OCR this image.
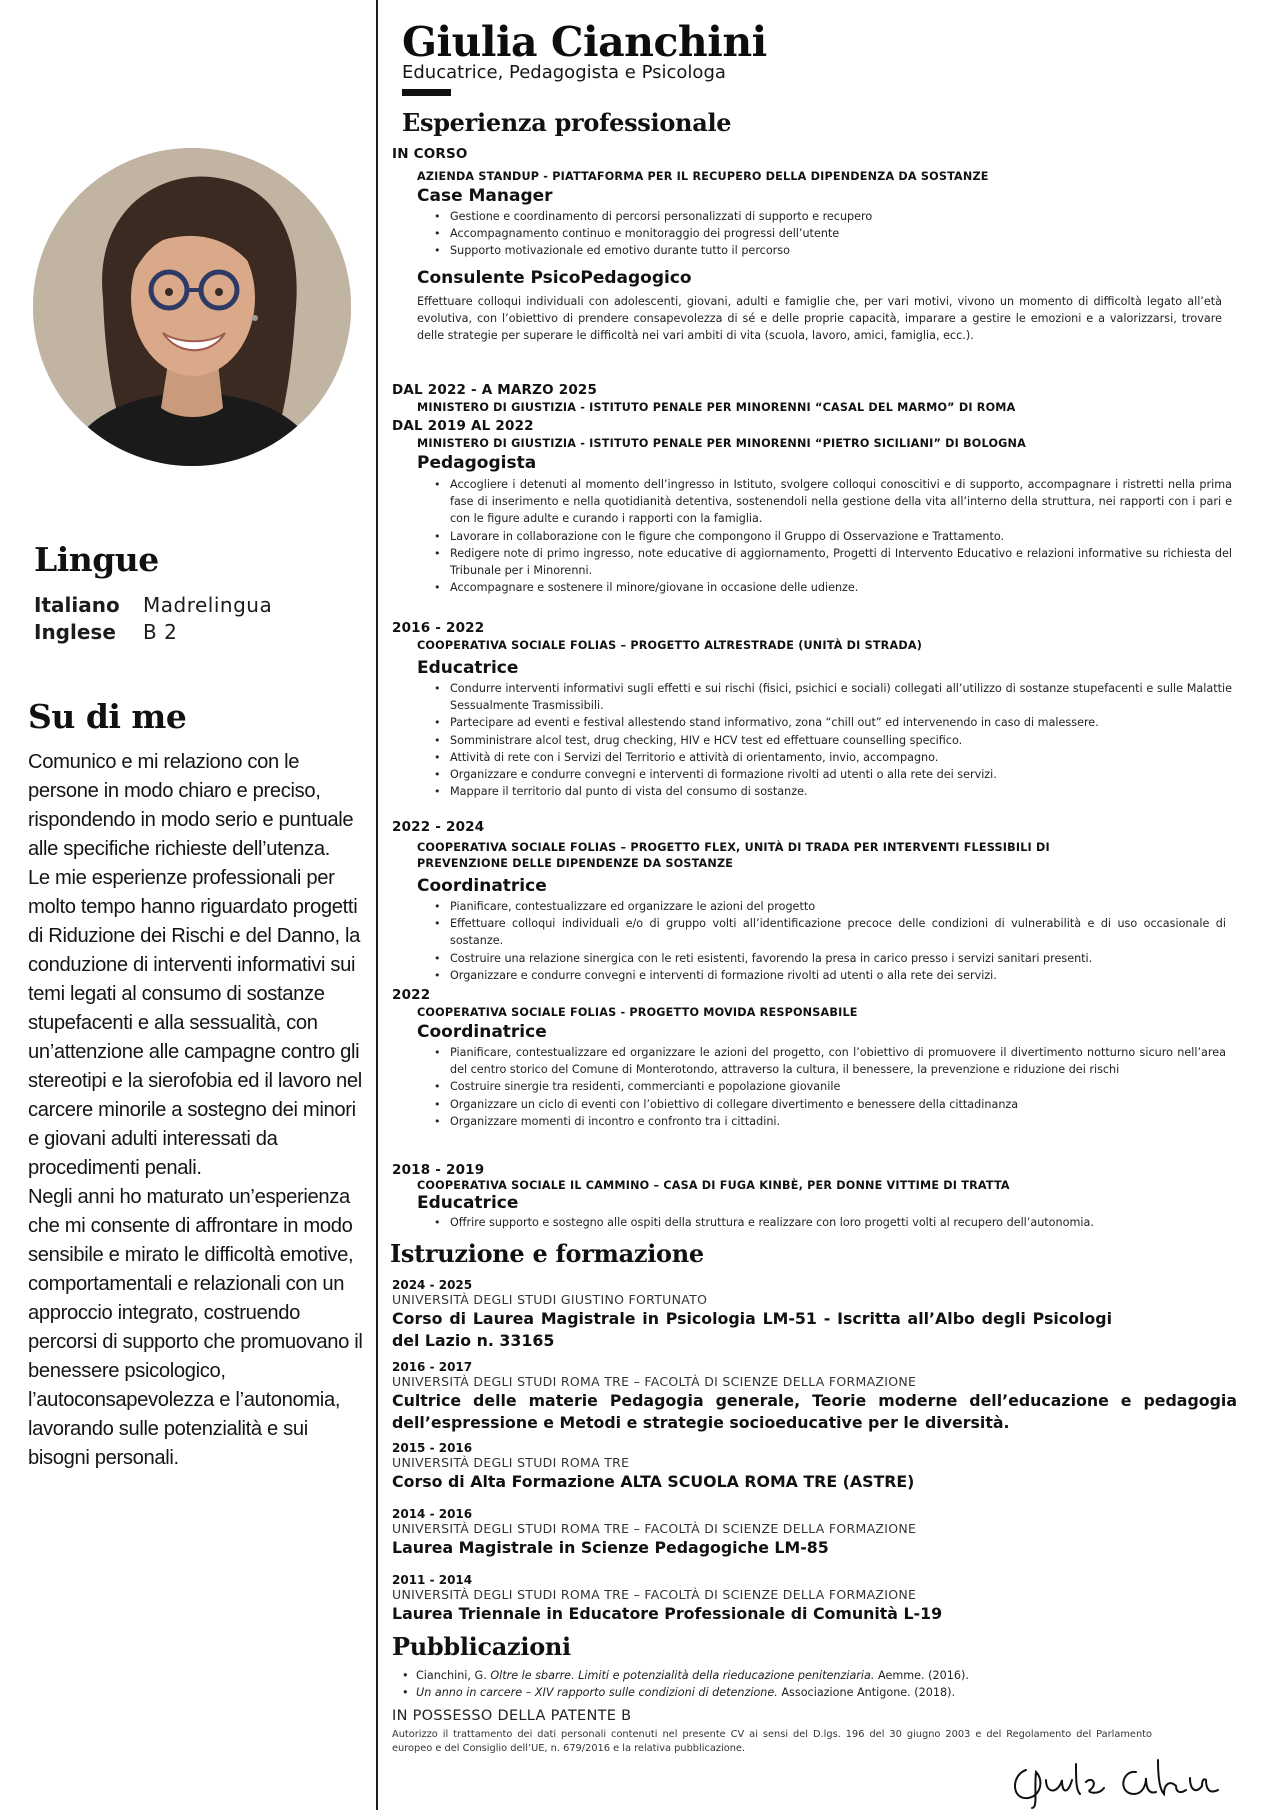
Lingue
Italiano	Madrelingua
Inglese	B 2
Su di me

Comunico e mi relaziono con le persone in modo chiaro e preciso, rispondendo in modo serio e puntuale alle specifiche richieste dell’utenza.

Le mie esperienze professionali per molto tempo hanno riguardato progetti di Riduzione dei Rischi e del Danno, la conduzione di interventi informativi sui temi legati al consumo di sostanze stupefacenti e alla sessualità, con un’attenzione alle campagne contro gli stereotipi e la sierofobia ed il lavoro nel carcere minorile a sostegno dei minori e giovani adulti interessati da procedimenti penali.

Negli anni ho maturato un’esperienza che mi consente di affrontare in modo sensibile e mirato le difficoltà emotive, comportamentali e relazionali con un approccio integrato, costruendo percorsi di supporto che promuovano il benessere psicologico, l’autoconsapevolezza e l’autonomia, lavorando sulle potenzialità e sui bisogni personali.

Giulia Cianchini
Educatrice, Pedagogista e Psicologa
Esperienza professionale
IN CORSO
AZIENDA STANDUP - PIATTAFORMA PER IL RECUPERO DELLA DIPENDENZA DA SOSTANZE
Case Manager
• Gestione e coordinamento di percorsi personalizzati di supporto e recupero
• Accompagnamento continuo e monitoraggio dei progressi dell’utente
• Supporto motivazionale ed emotivo durante tutto il percorso
Consulente PsicoPedagogico
Effettuare colloqui individuali con adolescenti, giovani, adulti e famiglie che, per vari motivi, vivono un momento di difficoltà legato all’età evolutiva, con l’obiettivo di prendere consapevolezza di sé e delle proprie capacità, imparare a gestire le emozioni e a valorizzarsi, trovare delle strategie per superare le difficoltà nei vari ambiti di vita (scuola, lavoro, amici, famiglia, ecc.).
DAL 2022 - A MARZO 2025
MINISTERO DI GIUSTIZIA - ISTITUTO PENALE PER MINORENNI “CASAL DEL MARMO” DI ROMA
DAL 2019 AL 2022
MINISTERO DI GIUSTIZIA - ISTITUTO PENALE PER MINORENNI “PIETRO SICILIANI” DI BOLOGNA
Pedagogista
• Accogliere i detenuti al momento dell’ingresso in Istituto, svolgere colloqui conoscitivi e di supporto, accompagnare i ristretti nella prima fase di inserimento e nella quotidianità detentiva, sostenendoli nella gestione della vita all’interno della struttura, nei rapporti con i pari e con le figure adulte e curando i rapporti con la famiglia.
• Lavorare in collaborazione con le figure che compongono il Gruppo di Osservazione e Trattamento.
• Redigere note di primo ingresso, note educative di aggiornamento, Progetti di Intervento Educativo e relazioni informative su richiesta del Tribunale per i Minorenni.
• Accompagnare e sostenere il minore/giovane in occasione delle udienze.
2016 - 2022
COOPERATIVA SOCIALE FOLIAS – PROGETTO ALTRESTRADE (UNITÀ DI STRADA)
Educatrice
• Condurre interventi informativi sugli effetti e sui rischi (fisici, psichici e sociali) collegati all’utilizzo di sostanze stupefacenti e sulle Malattie Sessualmente Trasmissibili.
• Partecipare ad eventi e festival allestendo stand informativo, zona “chill out” ed intervenendo in caso di malessere.
• Somministrare alcol test, drug checking, HIV e HCV test ed effettuare counselling specifico.
• Attività di rete con i Servizi del Territorio e attività di orientamento, invio, accompagno.
• Organizzare e condurre convegni e interventi di formazione rivolti ad utenti o alla rete dei servizi.
• Mappare il territorio dal punto di vista del consumo di sostanze.
2022 - 2024
COOPERATIVA SOCIALE FOLIAS – PROGETTO FLEX, UNITÀ DI TRADA PER INTERVENTI FLESSIBILI DI PREVENZIONE DELLE DIPENDENZE DA SOSTANZE
Coordinatrice
• Pianificare, contestualizzare ed organizzare le azioni del progetto
• Effettuare colloqui individuali e/o di gruppo volti all’identificazione precoce delle condizioni di vulnerabilità e di uso occasionale di sostanze.
• Costruire una relazione sinergica con le reti esistenti, favorendo la presa in carico presso i servizi sanitari presenti.
• Organizzare e condurre convegni e interventi di formazione rivolti ad utenti o alla rete dei servizi.
2022
COOPERATIVA SOCIALE FOLIAS - PROGETTO MOVIDA RESPONSABILE
Coordinatrice
• Pianificare, contestualizzare ed organizzare le azioni del progetto, con l’obiettivo di promuovere il divertimento notturno sicuro nell’area del centro storico del Comune di Monterotondo, attraverso la cultura, il benessere, la prevenzione e riduzione dei rischi
• Costruire sinergie tra residenti, commercianti e popolazione giovanile
• Organizzare un ciclo di eventi con l’obiettivo di collegare divertimento e benessere della cittadinanza
• Organizzare momenti di incontro e confronto tra i cittadini.
2018 - 2019
COOPERATIVA SOCIALE IL CAMMINO – CASA DI FUGA KINBÈ, PER DONNE VITTIME DI TRATTA
Educatrice
• Offrire supporto e sostegno alle ospiti della struttura e realizzare con loro progetti volti al recupero dell’autonomia.
Istruzione e formazione
2024 - 2025
UNIVERSITÀ DEGLI STUDI GIUSTINO FORTUNATO
Corso di Laurea Magistrale in Psicologia LM-51 - Iscritta all’Albo degli Psicologi del Lazio n. 33165
2016 - 2017
UNIVERSITÀ DEGLI STUDI ROMA TRE – FACOLTÀ DI SCIENZE DELLA FORMAZIONE
Cultrice delle materie Pedagogia generale, Teorie moderne dell’educazione e pedagogia dell’espressione e Metodi e strategie socioeducative per le diversità.
2015 - 2016
UNIVERSITÀ DEGLI STUDI ROMA TRE
Corso di Alta Formazione ALTA SCUOLA ROMA TRE (ASTRE)
2014 - 2016
UNIVERSITÀ DEGLI STUDI ROMA TRE – FACOLTÀ DI SCIENZE DELLA FORMAZIONE
Laurea Magistrale in Scienze Pedagogiche LM-85
2011 - 2014
UNIVERSITÀ DEGLI STUDI ROMA TRE – FACOLTÀ DI SCIENZE DELLA FORMAZIONE
Laurea Triennale in Educatore Professionale di Comunità L-19
Pubblicazioni
• Cianchini, G. Oltre le sbarre. Limiti e potenzialità della rieducazione penitenziaria. Aemme. (2016).
• Un anno in carcere – XIV rapporto sulle condizioni di detenzione. Associazione Antigone. (2018).
IN POSSESSO DELLA PATENTE B
Autorizzo il trattamento dei dati personali contenuti nel presente CV ai sensi del D.lgs. 196 del 30 giugno 2003 e del Regolamento del Parlamento europeo e del Consiglio dell’UE, n. 679/2016 e la relativa pubblicazione.
